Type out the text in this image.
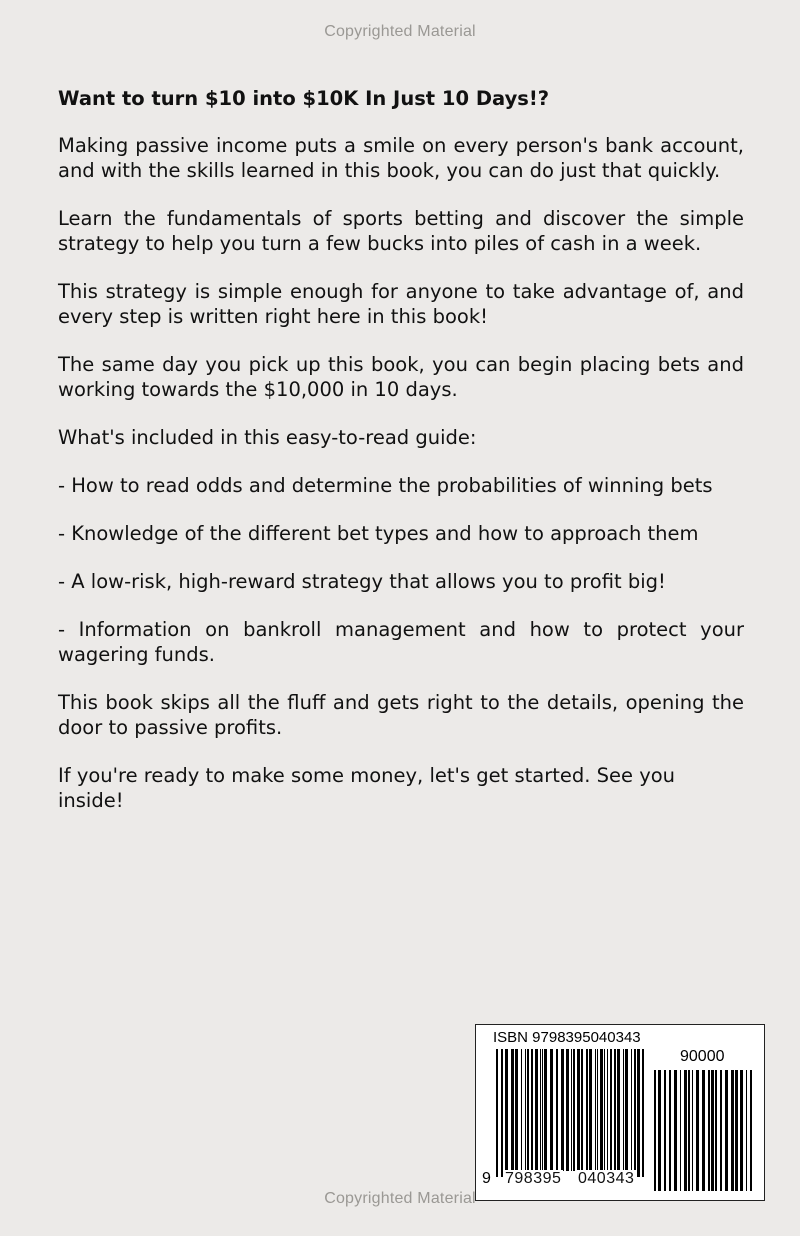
Copyrighted Material

Want to turn $10 into $10K In Just 10 Days!?

Making passive income puts a smile on every person's bank account, and with the skills learned in this book, you can do just that quickly.

Learn the fundamentals of sports betting and discover the simple strategy to help you turn a few bucks into piles of cash in a week.

This strategy is simple enough for anyone to take advantage of, and every step is written right here in this book!

The same day you pick up this book, you can begin placing bets and working towards the $10,000 in 10 days.

What's included in this easy-to-read guide:

- How to read odds and determine the probabilities of winning bets

- Knowledge of the different bet types and how to approach them

- A low-risk, high-reward strategy that allows you to profit big!

- Information on bankroll management and how to protect your wagering funds.

This book skips all the fluff and gets right to the details, opening the door to passive profits.

If you're ready to make some money, let's get started. See you inside!

ISBN 9798395040343
90000
9 798395 040343
Copyrighted Material
